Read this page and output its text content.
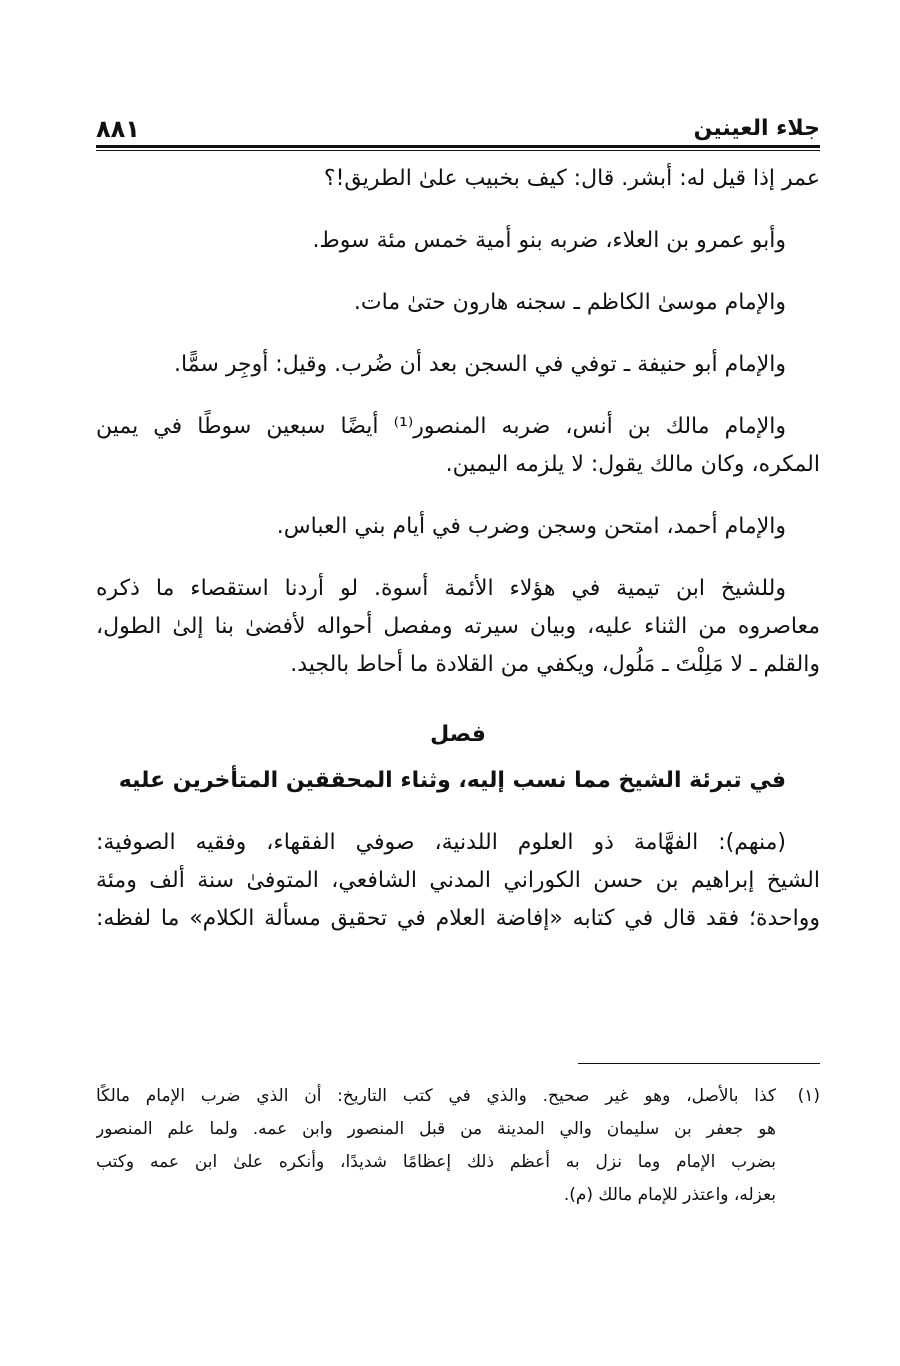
جلاء العينين
٨٨١
عمر إذا قيل له: أبشر. قال: كيف بخبيب علىٰ الطريق!؟
وأبو عمرو بن العلاء، ضربه بنو أمية خمس مئة سوط.
والإمام موسىٰ الكاظم ـ سجنه هارون حتىٰ مات.
والإمام أبو حنيفة ـ توفي في السجن بعد أن ضُرب. وقيل: أوجِر سمًّا.
والإمام مالك بن أنس، ضربه المنصور⁽¹⁾ أيضًا سبعين سوطًا في يمين
المكره، وكان مالك يقول: لا يلزمه اليمين.
والإمام أحمد، امتحن وسجن وضرب في أيام بني العباس.
وللشيخ ابن تيمية في هؤلاء الأئمة أسوة. لو أردنا استقصاء ما ذكره
معاصروه من الثناء عليه، وبيان سيرته ومفصل أحواله لأفضىٰ بنا إلىٰ الطول،
والقلم ـ لا مَلِلْتَ ـ مَلُول، ويكفي من القلادة ما أحاط بالجيد.
فصل
في تبرئة الشيخ مما نسب إليه، وثناء المحققين المتأخرين عليه
(منهم): الفهَّامة ذو العلوم اللدنية، صوفي الفقهاء، وفقيه الصوفية:
الشيخ إبراهيم بن حسن الكوراني المدني الشافعي، المتوفىٰ سنة ألف ومئة
وواحدة؛ فقد قال في كتابه «إفاضة العلام في تحقيق مسألة الكلام» ما لفظه:
(١)
كذا بالأصل، وهو غير صحيح. والذي في كتب التاريخ: أن الذي ضرب الإمام مالكًا
هو جعفر بن سليمان والي المدينة من قبل المنصور وابن عمه. ولما علم المنصور
بضرب الإمام وما نزل به أعظم ذلك إعظامًا شديدًا، وأنكره علىٰ ابن عمه وكتب
بعزله، واعتذر للإمام مالك (م).
